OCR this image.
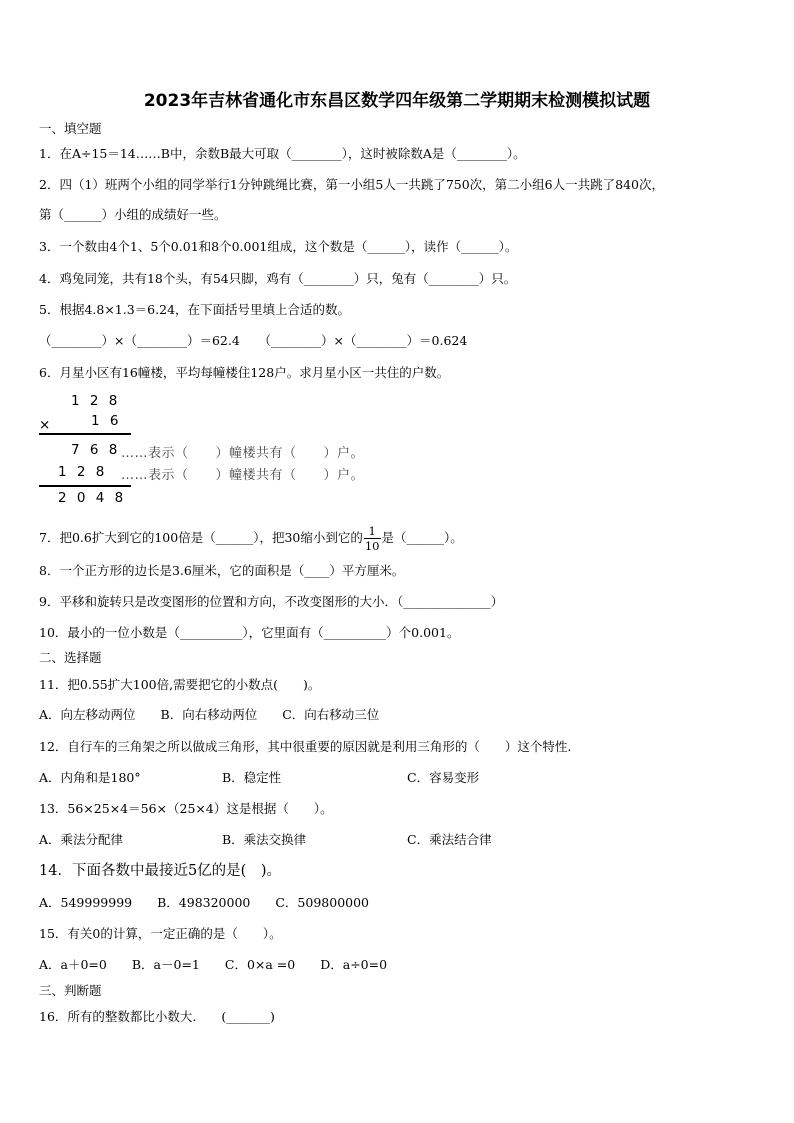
2023年吉林省通化市东昌区数学四年级第二学期期末检测模拟试题
一、填空题
1．在A÷15＝14……B中，余数B最大可取（________），这时被除数A是（________）。
2．四（1）班两个小组的同学举行1分钟跳绳比赛，第一小组5人一共跳了750次，第二小组6人一共跳了840次，
第（______）小组的成绩好一些。
3．一个数由4个1、5个0.01和8个0.001组成，这个数是（______），读作（______）。
4．鸡兔同笼，共有18个头，有54只脚，鸡有（________）只，兔有（________）只。
5．根据4.8×1.3＝6.24，在下面括号里填上合适的数。
（________）×（________）＝62.4　　（________）×（________）＝0.624
6．月星小区有16幢楼，平均每幢楼住128户。求月星小区一共住的户数。
1 2 8
×	1 6
7 6 8 ……表示（　　）幢楼共有（　　）户。
1 2 8 ……表示（　　）幢楼共有（　　）户。
2 0 4 8
7．把0.6扩大到它的100倍是（______），把30缩小到它的 $\frac{1}{10}$ 是（______）。
8．一个正方形的边长是3.6厘米，它的面积是（____）平方厘米。
9．平移和旋转只是改变图形的位置和方向，不改变图形的大小．（______________）
10．最小的一位小数是（__________），它里面有（__________）个0.001。
二、选择题
11．把0.55扩大100倍,需要把它的小数点(　　)。
A．向左移动两位　　B．向右移动两位　　C．向右移动三位
12．自行车的三角架之所以做成三角形，其中很重要的原因就是利用三角形的（　　）这个特性.
A．内角和是180°	B．稳定性	C．容易变形
13．56×25×4＝56×（25×4）这是根据（　　）。
A．乘法分配律	B．乘法交换律	C．乘法结合律
14．下面各数中最接近5亿的是(　)。
A．549999999　　B．498320000　　C．509800000
15．有关0的计算，一定正确的是（　　）。
A．a＋0=0　　B．a－0=1　　C．0×a =0　　D．a÷0=0
三、判断题
16．所有的整数都比小数大.　　(_______)
